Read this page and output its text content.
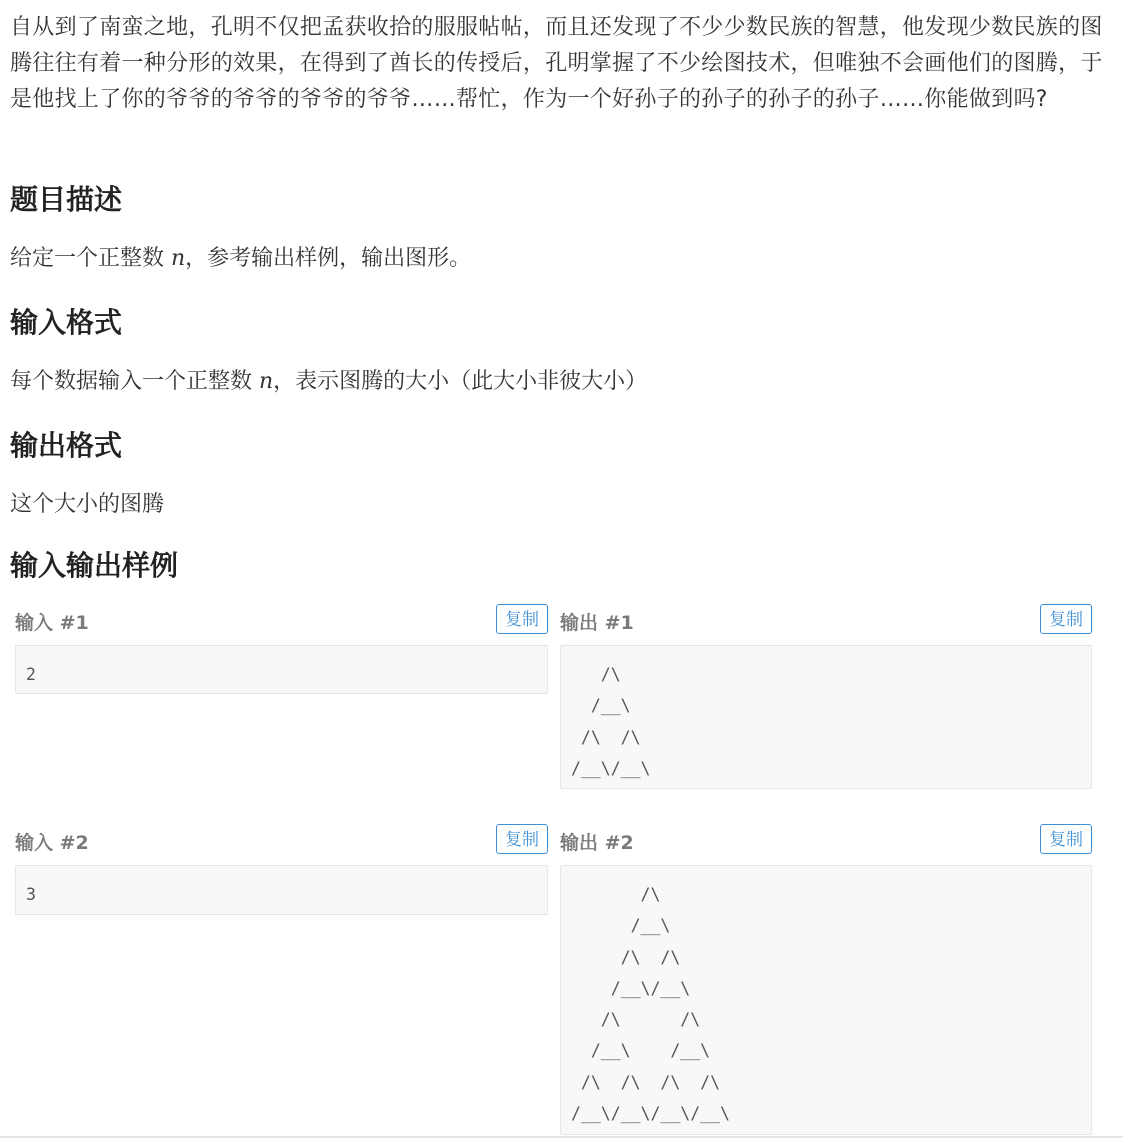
自从到了南蛮之地，孔明不仅把孟获收拾的服服帖帖，而且还发现了不少少数民族的智慧，他发现少数民族的图腾往往有着一种分形的效果，在得到了酋长的传授后，孔明掌握了不少绘图技术，但唯独不会画他们的图腾，于是他找上了你的爷爷的爷爷的爷爷的爷爷……帮忙，作为一个好孙子的孙子的孙子的孙子……你能做到吗?

题目描述

给定一个正整数 n，参考输出样例，输出图形。

输入格式

每个数据输入一个正整数 n，表示图腾的大小（此大小非彼大小）

输出格式

这个大小的图腾

输入输出样例
输入 #1	复制	输出 #1	复制
2	/\
/__\
/\  /\
/__\/__\
输入 #2	复制	输出 #2	复制
3	/\
/__\
/\  /\
/__\/__\
/\      /\
/__\    /__\
/\  /\  /\  /\
/__\/__\/__\/__\
